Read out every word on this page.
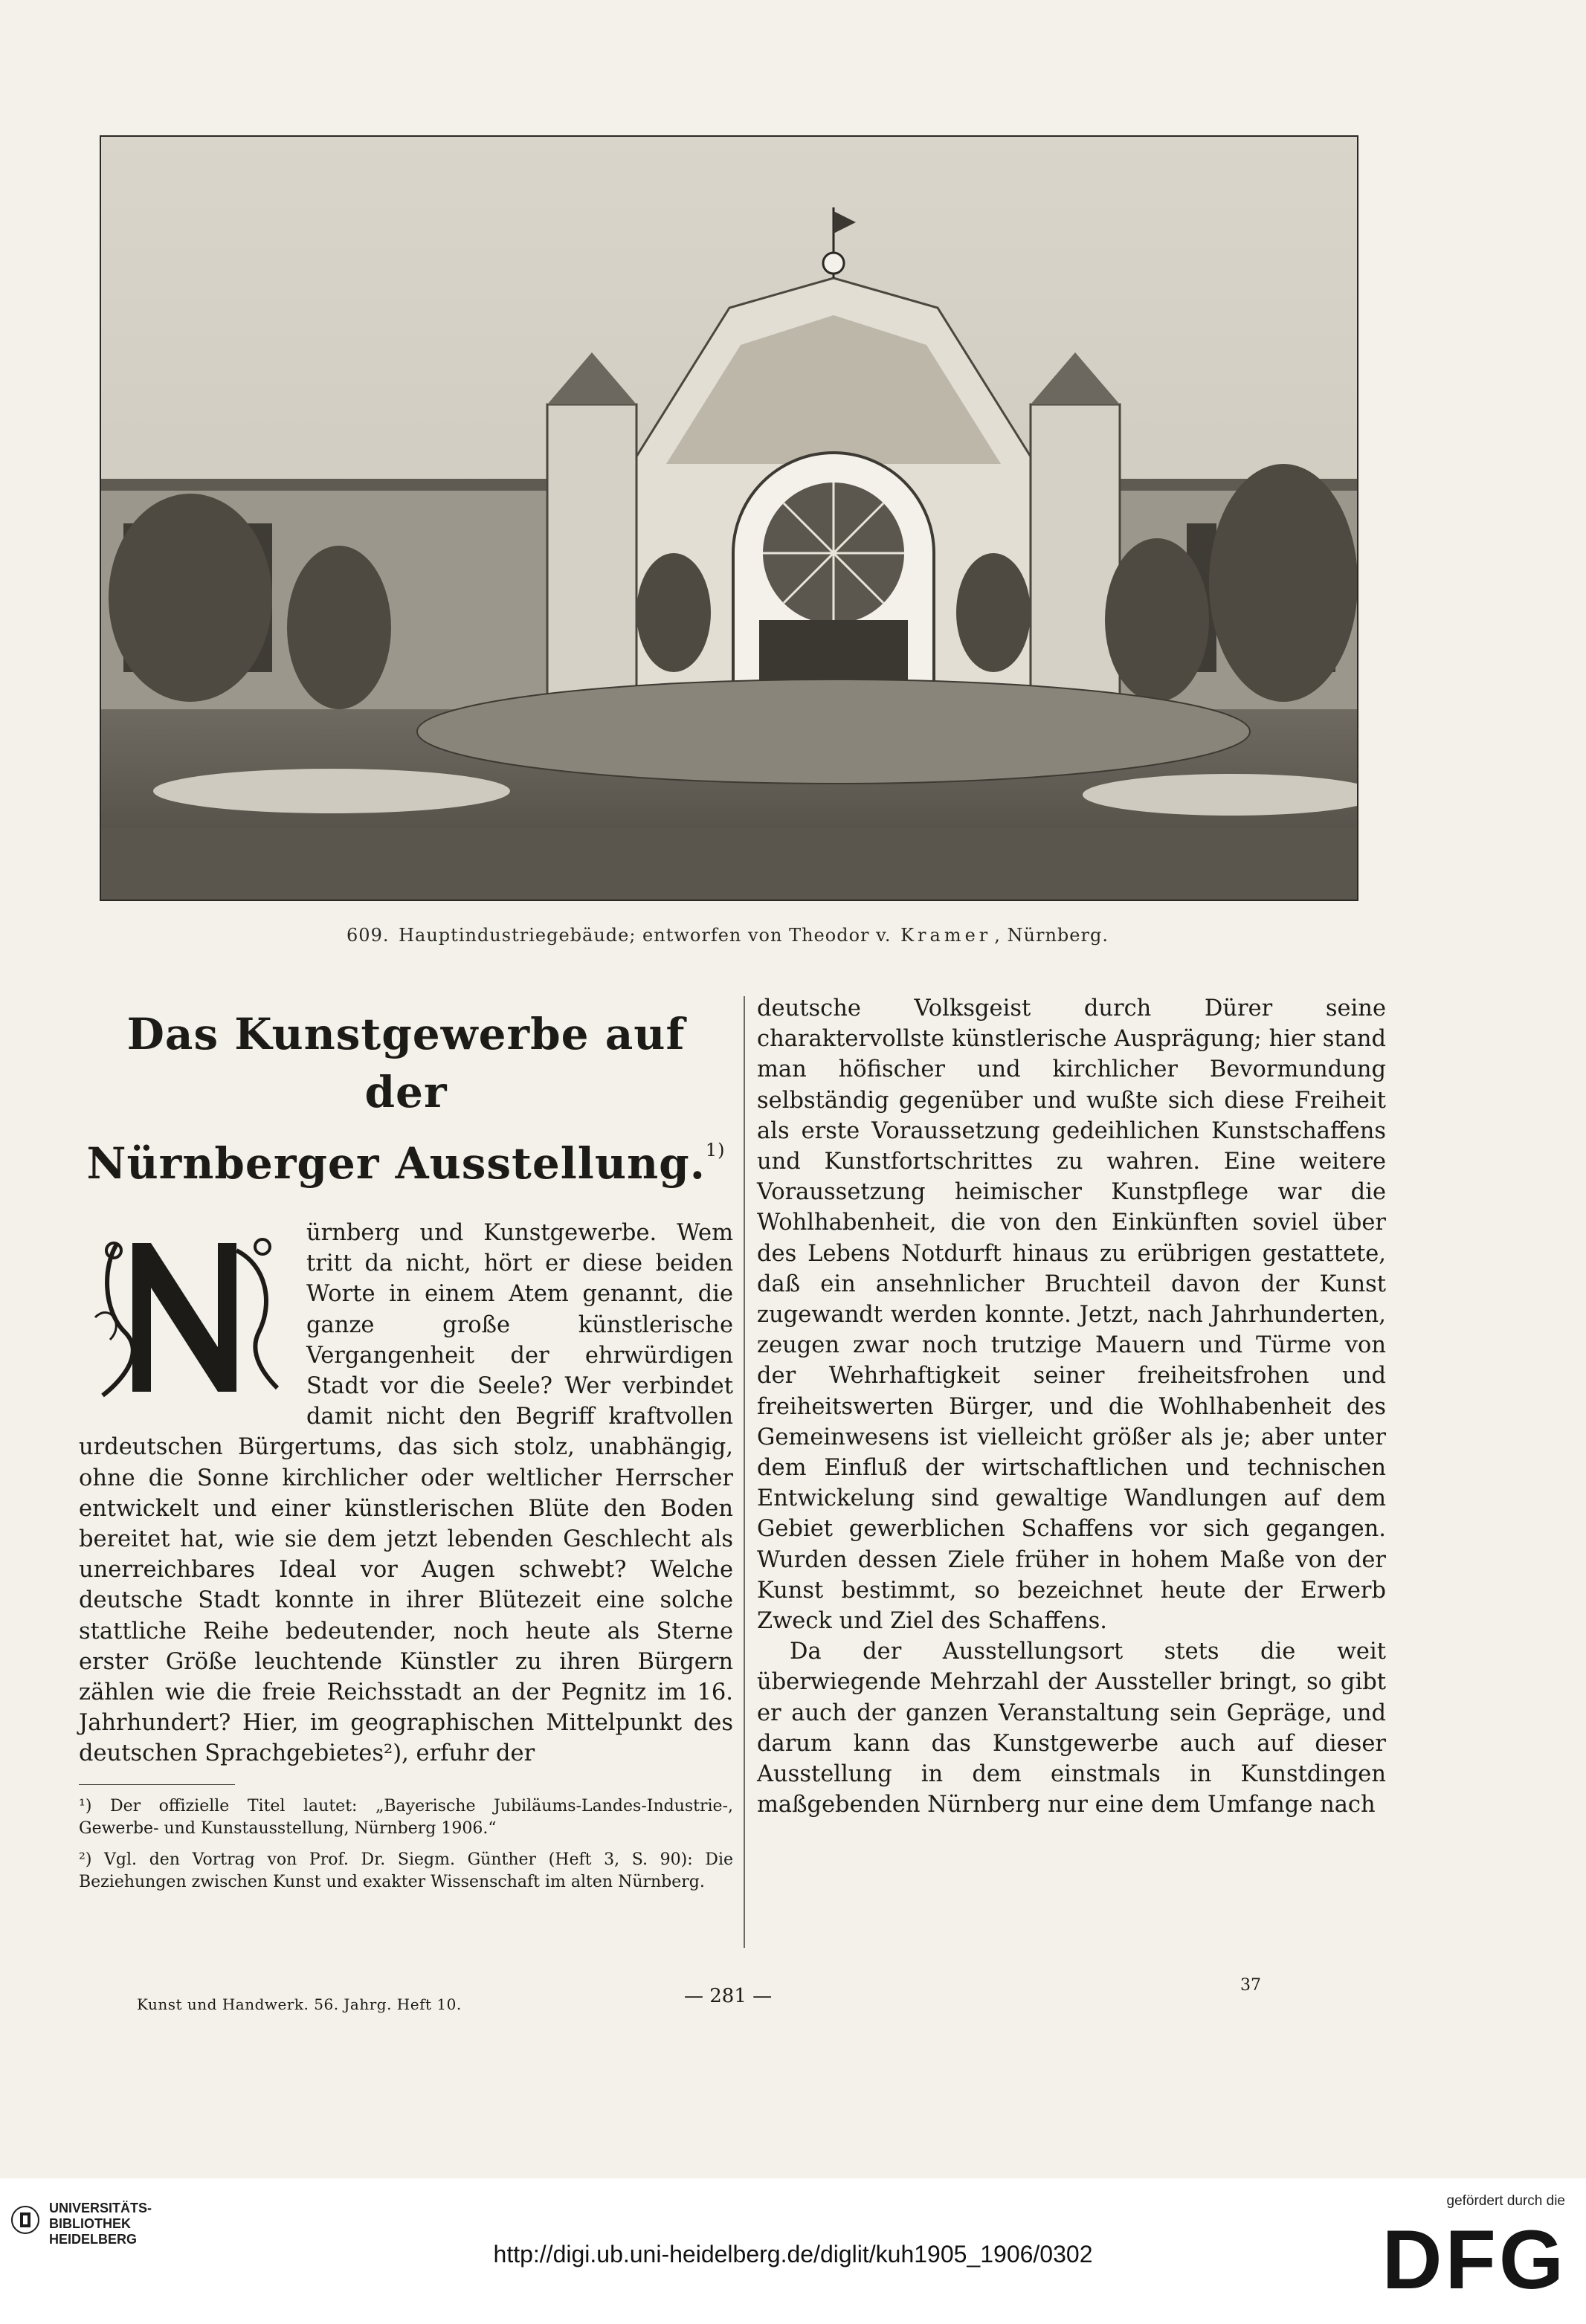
609. Hauptindustriegebäude; entworfen von Theodor v. Kramer , Nürnberg.
Das Kunstgewerbe auf der
Nürnberger Ausstellung.$^{1)}$

ürnberg und Kunstgewerbe. Wem tritt da nicht, hört er diese beiden Worte in einem Atem genannt, die ganze große künstlerische Vergangenheit der ehrwürdigen Stadt vor die Seele? Wer verbindet damit nicht den Begriff kraftvollen urdeutschen Bürgertums, das sich stolz, unabhängig, ohne die Sonne kirchlicher oder weltlicher Herrscher entwickelt und einer künstlerischen Blüte den Boden bereitet hat, wie sie dem jetzt lebenden Geschlecht als unerreichbares Ideal vor Augen schwebt? Welche deutsche Stadt konnte in ihrer Blütezeit eine solche stattliche Reihe bedeutender, noch heute als Sterne erster Größe leuchtende Künstler zu ihren Bürgern zählen wie die freie Reichsstadt an der Pegnitz im 16. Jahrhundert? Hier, im geographischen Mittelpunkt des deutschen Sprachgebietes²), erfuhr der

¹) Der offizielle Titel lautet: „Bayerische Jubiläums-Landes-Industrie-, Gewerbe- und Kunstausstellung, Nürnberg 1906.“
²) Vgl. den Vortrag von Prof. Dr. Siegm. Günther (Heft 3, S. 90): Die Beziehungen zwischen Kunst und exakter Wissenschaft im alten Nürnberg.

deutsche Volksgeist durch Dürer seine charaktervollste künstlerische Ausprägung; hier stand man höfischer und kirchlicher Bevormundung selbständig gegenüber und wußte sich diese Freiheit als erste Voraussetzung gedeihlichen Kunstschaffens und Kunstfortschrittes zu wahren. Eine weitere Voraussetzung heimischer Kunstpflege war die Wohlhabenheit, die von den Einkünften soviel über des Lebens Notdurft hinaus zu erübrigen gestattete, daß ein ansehnlicher Bruchteil davon der Kunst zugewandt werden konnte. Jetzt, nach Jahrhunderten, zeugen zwar noch trutzige Mauern und Türme von der Wehrhaftigkeit seiner freiheitsfrohen und freiheitswerten Bürger, und die Wohlhabenheit des Gemeinwesens ist vielleicht größer als je; aber unter dem Einfluß der wirtschaftlichen und technischen Entwickelung sind gewaltige Wandlungen auf dem Gebiet gewerblichen Schaffens vor sich gegangen. Wurden dessen Ziele früher in hohem Maße von der Kunst bestimmt, so bezeichnet heute der Erwerb Zweck und Ziel des Schaffens.

Da der Ausstellungsort stets die weit überwiegende Mehrzahl der Aussteller bringt, so gibt er auch der ganzen Veranstaltung sein Gepräge, und darum kann das Kunstgewerbe auch auf dieser Ausstellung in dem einstmals in Kunstdingen maßgebenden Nürnberg nur eine dem Umfange nach

Kunst und Handwerk. 56. Jahrg. Heft 10.	— 281 —	37
UNIVERSITÄTS-
BIBLIOTHEK
HEIDELBERG
http://digi.ub.uni-heidelberg.de/diglit/kuh1905_1906/0302
gefördert durch die
DFG
